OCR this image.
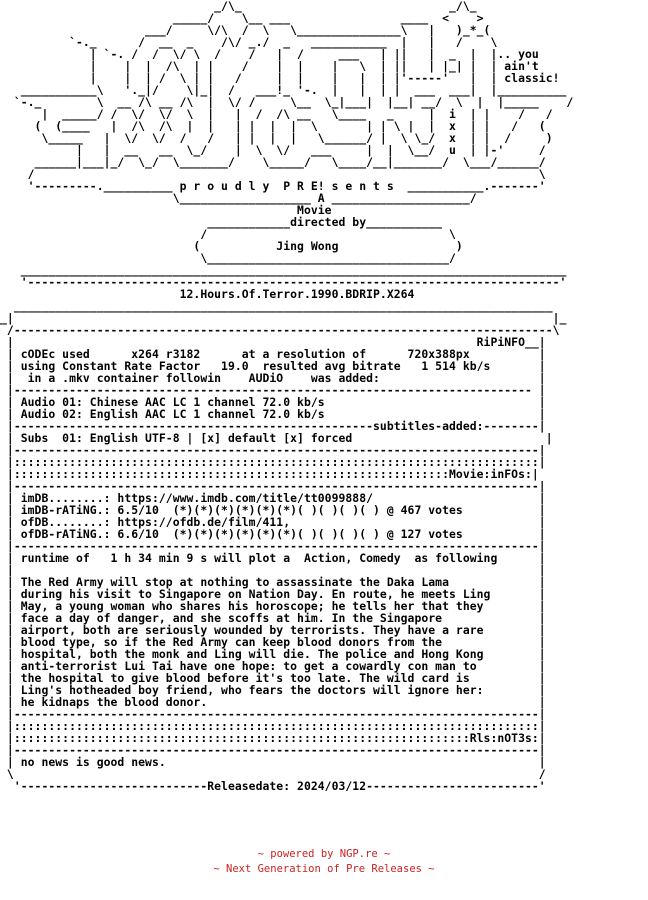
_/\_                              _/\_
_____/    \__ ___                ____  <    >
___/     \/\  /  \   \_______________\   |   )_*_(
`-._      /  __  _    /\/ _./  _   ___________  |   |   /    \
| `-. /  /  \/ \  /    /   |  /     ___   | ||   |  _  |  |.. you
|    |  |  /\  | |    /    |  |    |   \  | ||   | |_| |  | ain't
|    |  | /  \ | |   /     |  |    |   |  | |'-----'   |  | classic!
___________\   '._|/    \|_|  /   ___!_ '-.  |   |  | |  ___  ___|  |__________
`-._        \  __ /\ __ /\  |  \/ /     \__  \_|___|  |__| __/  \  |  |_____    /
|  _____/ /  \/  \/  \  |   |  /  /\ __   \____   _     |  i  | |    /   /
(  (____   |  /\  /\  |  |   | |  |  |  \       | | \ |  |  x  | |   /   (
\_____   |  \/  \/  /   /   | |  |  |   \______/ |  \ \_/  x  | |  /     )
|   |  __   __  \_/    |  \  \/   ___     |  |  \__/  u  | |-'     /
______|___|_/  \_/  \_______/    \_____/   \____/__|_______/  \___/______/
/                                                                         \
'---------.__________ p r o u d l y  P R E! s e n t s  ___________.-------'
\___________________ A ____________________/
Movie
____________directed by___________
/                                   \
(           Jing Wong                 )
\___________________________________/
_______________________________________________________________________________
'-----------------------------------------------------------------------------'
12.Hours.Of.Terror.1990.BDRIP.X264
______________________________________________________________________________
_|                                                                              |_
/------------------------------------------------------------------------------\
|                                                                   RiPiNFO__|
| cODEc used      x264 r3182      at a resolution of      720x388px          |
| using Constant Rate Factor   19.0  resulted avg bitrate   1 514 kb/s       |
|  in a .mkv container followin    AUDiO    was added:                       |
|--------------------------------------------------------------------------- |
| Audio 01: Chinese AAC LC 1 channel 72.0 kb/s                               |
| Audio 02: English AAC LC 1 channel 72.0 kb/s                               |
|----------------------------------------------------subtitles-added:--------|
| Subs  01: English UTF-8 | [x] default [x] forced                            |
|----------------------------------------------------------------------------|
|::::::::::::::::::::::::::::::::::::::::::::::::::::::::::::::::::::::::::::|
|:::::::::::::::::::::::::::::::::::::::::::::::::::::::::::::::Movie:inFOs:|
|----------------------------------------------------------------------------|
| imDB........: https://www.imdb.com/title/tt0099888/                        |
| imDB-rATiNG.: 6.5/10  (*)(*)(*)(*)(*)(*)( )( )( )( ) @ 467 votes           |
| ofDB........: https://ofdb.de/film/411,                                    |
| ofDB-rATiNG.: 6.6/10  (*)(*)(*)(*)(*)(*)( )( )( )( ) @ 127 votes           |
|----------------------------------------------------------------------------|
| runtime of   1 h 34 min 9 s will plot a  Action, Comedy  as following      |
|                                                                            |
| The Red Army will stop at nothing to assassinate the Daka Lama             |
| during his visit to Singapore on Nation Day. En route, he meets Ling       |
| May, a young woman who shares his horoscope; he tells her that they        |
| face a day of danger, and she scoffs at him. In the Singapore              |
| airport, both are seriously wounded by terrorists. They have a rare        |
| blood type, so if the Red Army can keep blood donors from the              |
| hospital, both the monk and Ling will die. The police and Hong Kong        |
| anti-terrorist Lui Tai have one hope: to get a cowardly con man to         |
| the hospital to give blood before it's too late. The wild card is          |
| Ling's hotheaded boy friend, who fears the doctors will ignore her:        |
| he kidnaps the blood donor.                                                |
|----------------------------------------------------------------------------|
|::::::::::::::::::::::::::::::::::::::::::::::::::::::::::::::::::::::::::::|
|::::::::::::::::::::::::::::::::::::::::::::::::::::::::::::::::::Rls:nOT3s:|
|----------------------------------------------------------------------------|
| no news is good news.                                                      |
\                                                                            /
'---------------------------Releasedate: 2024/03/12-------------------------'
~ powered by NGP.re ~
~ Next Generation of Pre Releases ~
